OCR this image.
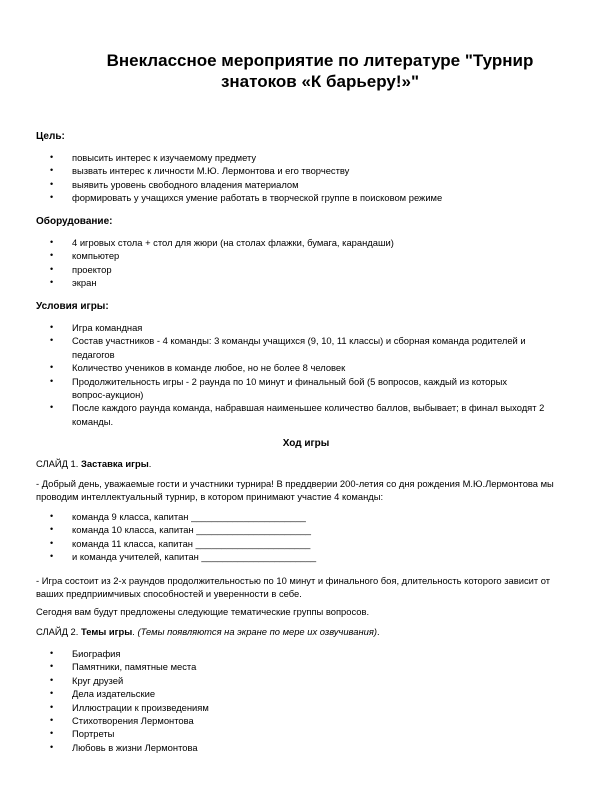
Внеклассное мероприятие по литературе "Турнир
знатоков «К барьеру!»"
Цель:
• повысить интерес к изучаемому предмету
• вызвать интерес к личности М.Ю. Лермонтова и его творчеству
• выявить уровень свободного владения материалом
• формировать у учащихся умение работать в творческой группе в поисковом режиме
Оборудование:
• 4 игровых стола + стол для жюри (на столах флажки, бумага, карандаши)
• компьютер
• проектор
• экран
Условия игры:
• Игра командная
• Состав участников - 4 команды: 3 команды учащихся (9, 10, 11 классы) и сборная команда родителей и педагогов
• Количество учеников в команде любое, но не более 8 человек
• Продолжительность игры - 2 раунда по 10 минут и финальный бой (5 вопросов, каждый из которых вопрос-аукцион)
• После каждого раунда команда, набравшая наименьшее количество баллов, выбывает; в финал выходят 2 команды.
Ход игры

СЛАЙД 1. Заставка игры.

- Добрый день, уважаемые гости и участники турнира! В преддверии 200-летия со дня рождения М.Ю.Лермонтова мы проводим интеллектуальный турнир, в котором принимают участие 4 команды:

• команда 9 класса, капитан ______________________
• команда 10 класса, капитан ______________________
• команда 11 класса, капитан ______________________
• и команда учителей, капитан ______________________

- Игра состоит из 2-х раундов продолжительностью по 10 минут и финального боя, длительность которого зависит от ваших предприимчивых способностей и уверенности в себе.

Сегодня вам будут предложены следующие тематические группы вопросов.

СЛАЙД 2. Темы игры. (Темы появляются на экране по мере их озвучивания).

• Биография
• Памятники, памятные места
• Круг друзей
• Дела издательские
• Иллюстрации к произведениям
• Стихотворения Лермонтова
• Портреты
• Любовь в жизни Лермонтова
